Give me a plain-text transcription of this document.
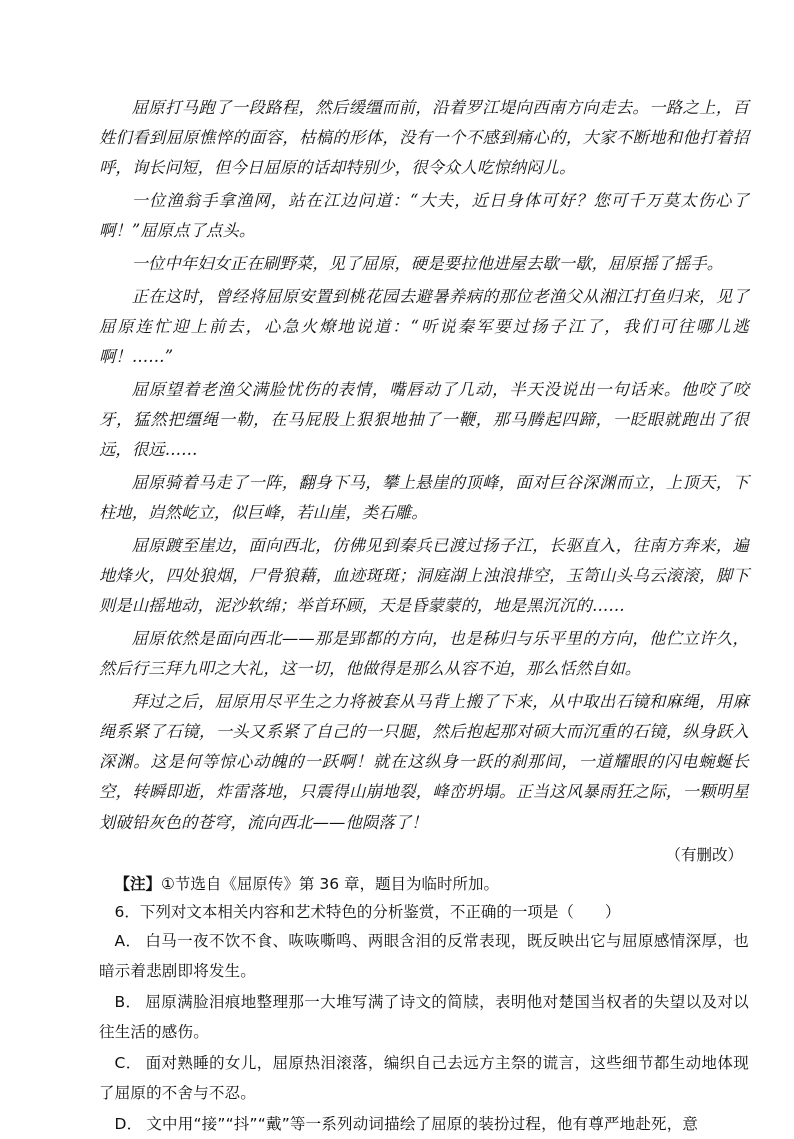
屈原打马跑了一段路程，然后缓缰而前，沿着罗江堤向西南方向走去。一路之上，百姓们看到屈原憔悴的面容，枯槁的形体，没有一个不感到痛心的，大家不断地和他打着招呼，询长问短，但今日屈原的话却特别少，很令众人吃惊纳闷儿。

一位渔翁手拿渔网，站在江边问道：“大夫，近日身体可好？您可千万莫太伤心了啊！”屈原点了点头。

一位中年妇女正在刷野菜，见了屈原，硬是要拉他进屋去歇一歇，屈原摇了摇手。

正在这时，曾经将屈原安置到桃花园去避暑养病的那位老渔父从湘江打鱼归来，见了屈原连忙迎上前去，心急火燎地说道：“听说秦军要过扬子江了，我们可往哪儿逃啊！……”

屈原望着老渔父满脸忧伤的表情，嘴唇动了几动，半天没说出一句话来。他咬了咬牙，猛然把缰绳一勒，在马屁股上狠狠地抽了一鞭，那马腾起四蹄，一眨眼就跑出了很远，很远……

屈原骑着马走了一阵，翻身下马，攀上悬崖的顶峰，面对巨谷深渊而立，上顶天，下柱地，岿然屹立，似巨峰，若山崖，类石雕。

屈原踱至崖边，面向西北，仿佛见到秦兵已渡过扬子江，长驱直入，往南方奔来，遍地烽火，四处狼烟，尸骨狼藉，血迹斑斑；洞庭湖上浊浪排空，玉笥山头乌云滚滚，脚下则是山摇地动，泥沙软绵；举首环顾，天是昏蒙蒙的，地是黑沉沉的……

屈原依然是面向西北——那是郢都的方向，也是秭归与乐平里的方向，他伫立许久，然后行三拜九叩之大礼，这一切，他做得是那么从容不迫，那么恬然自如。

拜过之后，屈原用尽平生之力将被套从马背上搬了下来，从中取出石镜和麻绳，用麻绳系紧了石镜，一头又系紧了自己的一只腿，然后抱起那对硕大而沉重的石镜，纵身跃入深渊。这是何等惊心动魄的一跃啊！就在这纵身一跃的刹那间，一道耀眼的闪电蜿蜒长空，转瞬即逝，炸雷落地，只震得山崩地裂，峰峦坍塌。正当这风暴雨狂之际，一颗明星划破铅灰色的苍穹，流向西北——他陨落了！

（有删改）

【注】①节选自《屈原传》第 36 章，题目为临时所加。

6．下列对文本相关内容和艺术特色的分析鉴赏，不正确的一项是（　　）

A． 白马一夜不饮不食、咴咴嘶鸣、两眼含泪的反常表现，既反映出它与屈原感情深厚，也暗示着悲剧即将发生。

B． 屈原满脸泪痕地整理那一大堆写满了诗文的简牍，表明他对楚国当权者的失望以及对以往生活的感伤。

C． 面对熟睡的女儿，屈原热泪滚落，编织自己去远方主祭的谎言，这些细节都生动地体现了屈原的不舍与不忍。

D． 文中用“接”“抖”“戴”等一系列动词描绘了屈原的装扮过程，他有尊严地赴死，意
